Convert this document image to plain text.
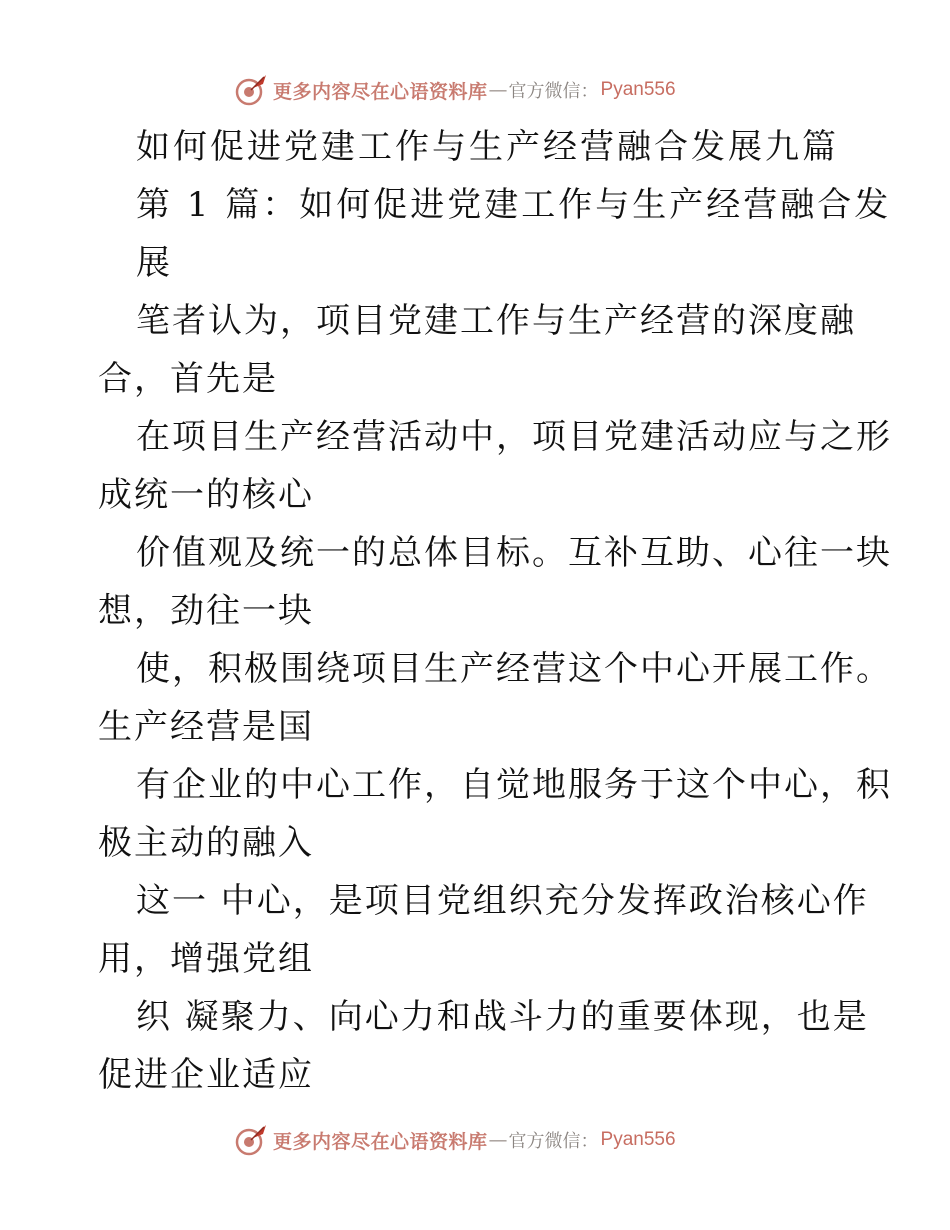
更多内容尽在心语资料库 — 官方微信： Pyan556
如何促进党建工作与生产经营融合发展九篇
第 1 篇：如何促进党建工作与生产经营融合发
展
笔者认为，项目党建工作与生产经营的深度融
合，首先是
在项目生产经营活动中，项目党建活动应与之形
成统一的核心
价值观及统一的总体目标。互补互助、心往一块
想，劲往一块
使，积极围绕项目生产经营这个中心开展工作。
生产经营是国
有企业的中心工作，自觉地服务于这个中心，积
极主动的融入
这一 中心，是项目党组织充分发挥政治核心作
用，增强党组
织 凝聚力、向心力和战斗力的重要体现，也是
促进企业适应
更多内容尽在心语资料库 — 官方微信： Pyan556
